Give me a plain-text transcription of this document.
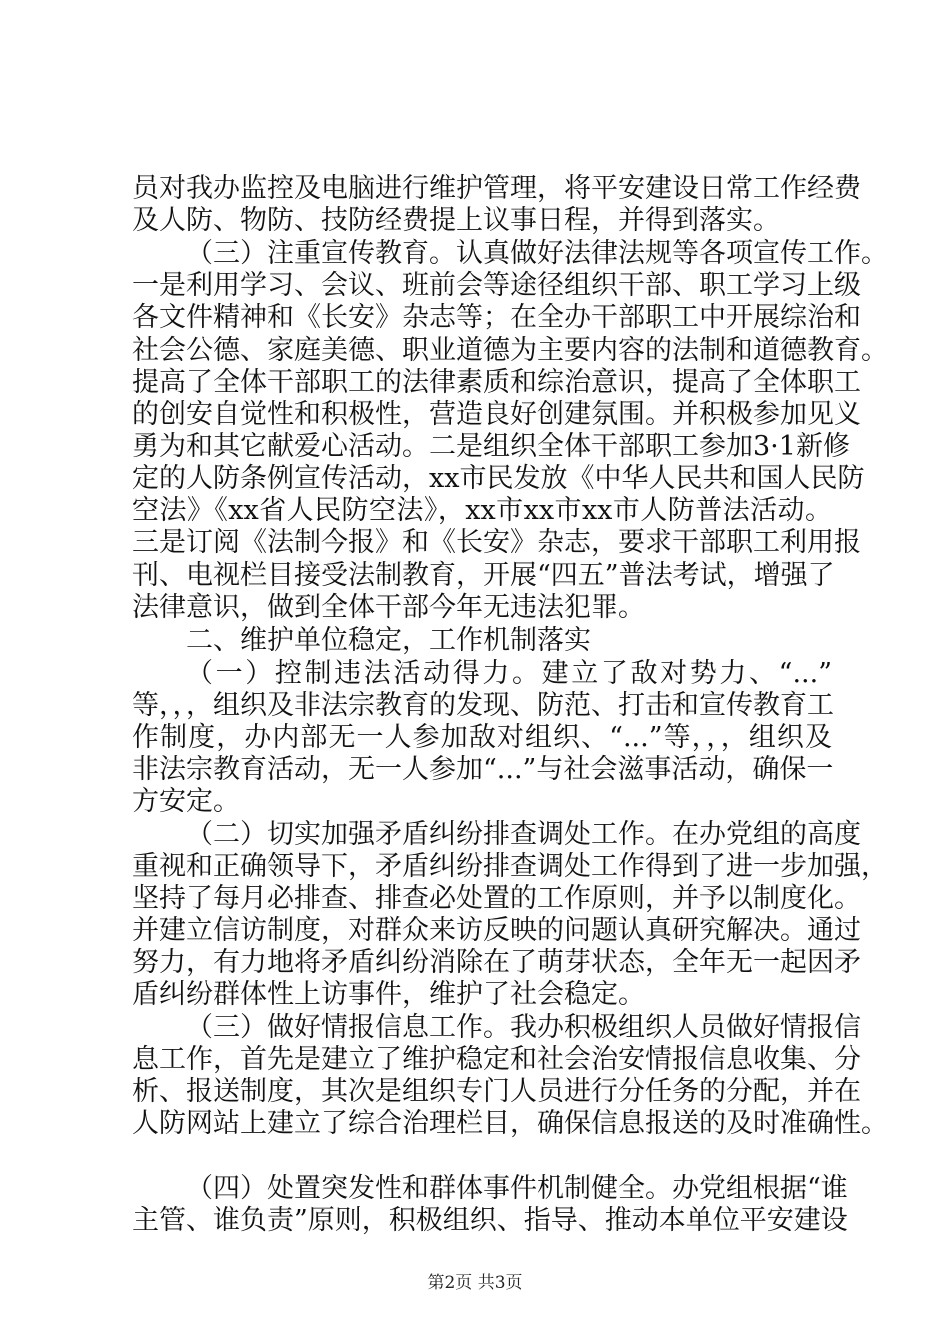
员对我办监控及电脑进行维护管理，将平安建设日常工作经费
及人防、物防、技防经费提上议事日程，并得到落实。
（三）注重宣传教育。认真做好法律法规等各项宣传工作。
一是利用学习、会议、班前会等途径组织干部、职工学习上级
各文件精神和《长安》杂志等；在全办干部职工中开展综治和
社会公德、家庭美德、职业道德为主要内容的法制和道德教育。
提高了全体干部职工的法律素质和综治意识，提高了全体职工
的创安自觉性和积极性，营造良好创建氛围。并积极参加见义
勇为和其它献爱心活动。二是组织全体干部职工参加3·1新修
定的人防条例宣传活动，xx市民发放《中华人民共和国人民防
空法》《xx省人民防空法》，xx市xx市xx市人防普法活动。
三是订阅《法制今报》和《长安》杂志，要求干部职工利用报
刊、电视栏目接受法制教育，开展“四五”普法考试，增强了
法律意识，做到全体干部今年无违法犯罪。
二、维护单位稳定，工作机制落实
（一）控制违法活动得力。建立了敌对势力、“...”
等，，，组织及非法宗教育的发现、防范、打击和宣传教育工
作制度，办内部无一人参加敌对组织、“...”等，，，组织及
非法宗教育活动，无一人参加“...”与社会滋事活动，确保一
方安定。
（二）切实加强矛盾纠纷排查调处工作。在办党组的高度
重视和正确领导下，矛盾纠纷排查调处工作得到了进一步加强，
坚持了每月必排查、排查必处置的工作原则，并予以制度化。
并建立信访制度，对群众来访反映的问题认真研究解决。通过
努力，有力地将矛盾纠纷消除在了萌芽状态，全年无一起因矛
盾纠纷群体性上访事件，维护了社会稳定。
（三）做好情报信息工作。我办积极组织人员做好情报信
息工作，首先是建立了维护稳定和社会治安情报信息收集、分
析、报送制度，其次是组织专门人员进行分任务的分配，并在
人防网站上建立了综合治理栏目，确保信息报送的及时准确性。
（四）处置突发性和群体事件机制健全。办党组根据“谁
主管、谁负责”原则，积极组织、指导、推动本单位平安建设
第2页 共3页
